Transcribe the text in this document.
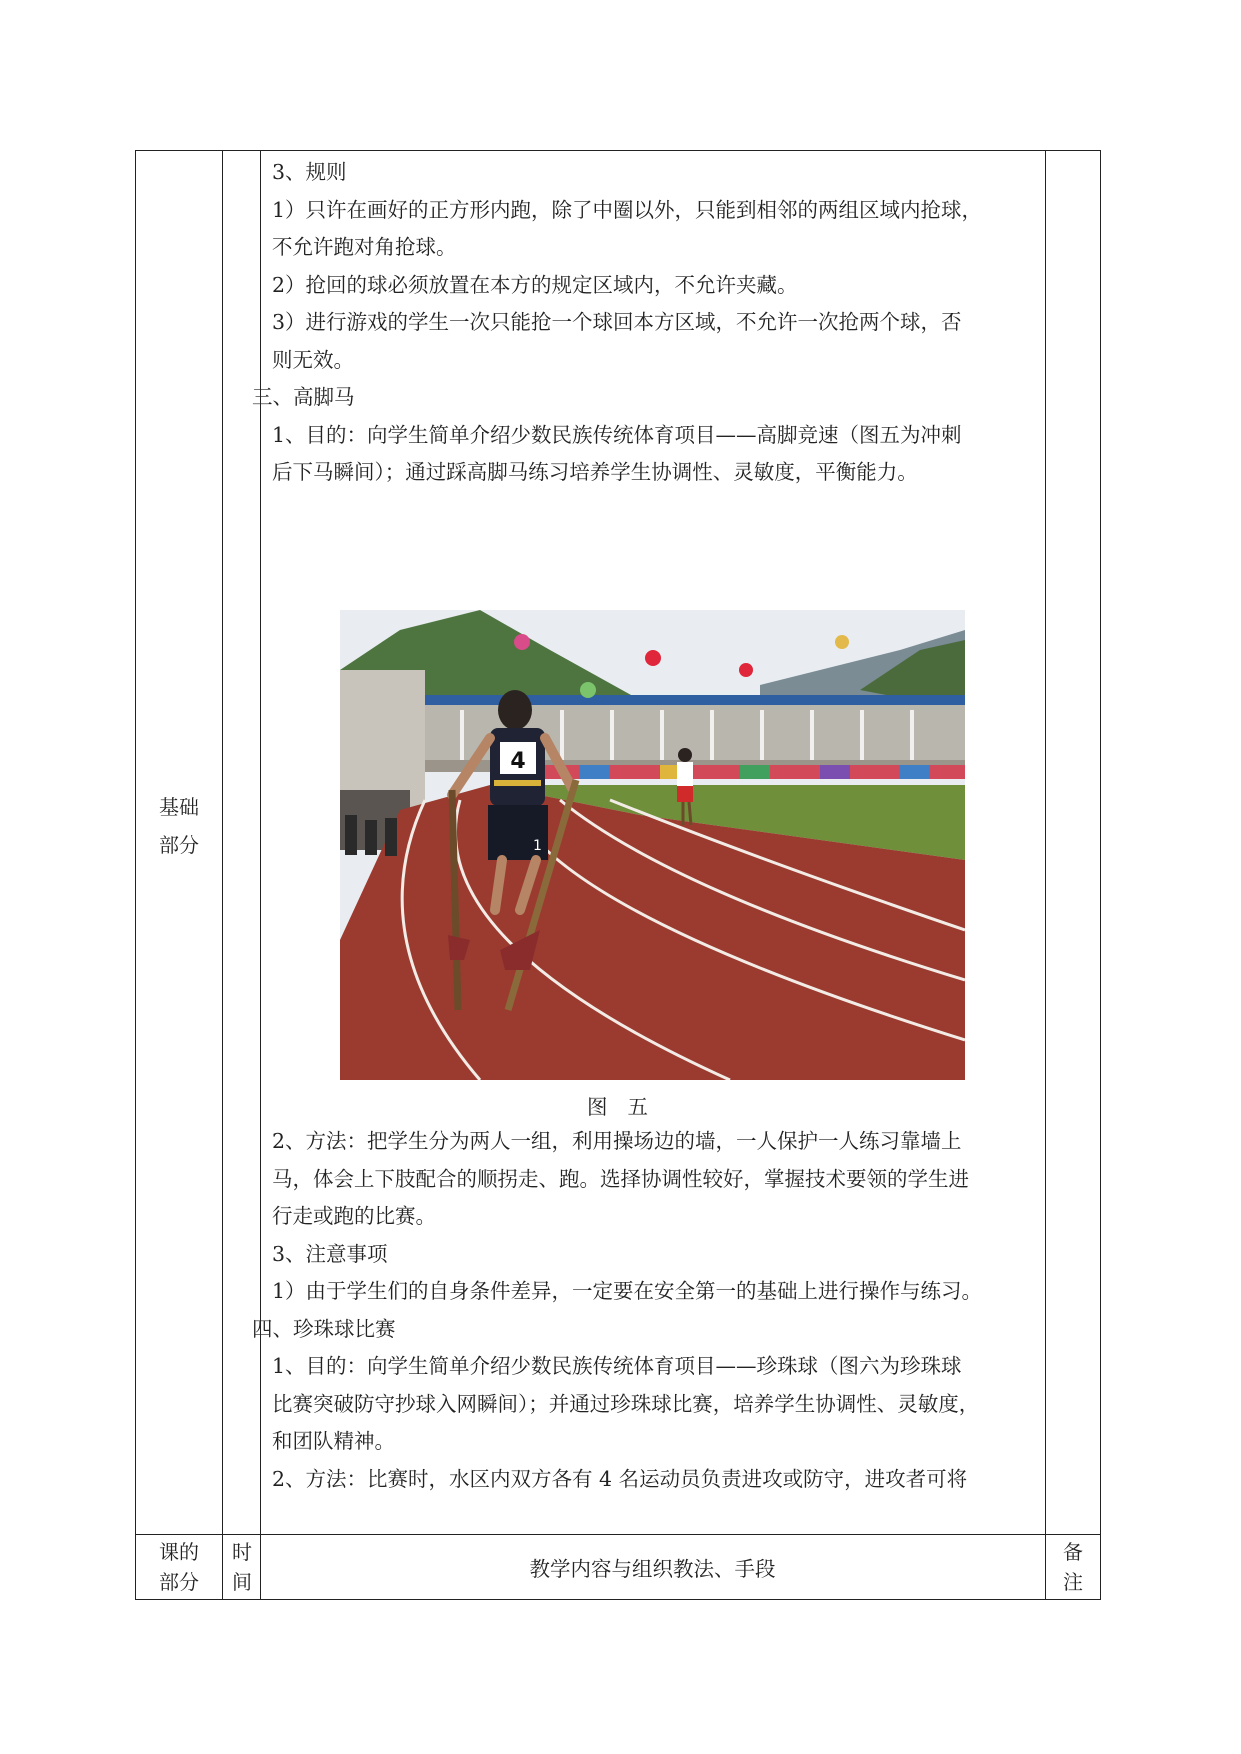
基础
部分

3、规则

1）只许在画好的正方形内跑，除了中圈以外，只能到相邻的两组区域内抢球，

不允许跑对角抢球。

2）抢回的球必须放置在本方的规定区域内，不允许夹藏。

3）进行游戏的学生一次只能抢一个球回本方区域，不允许一次抢两个球，否

则无效。

三、高脚马

1、目的：向学生简单介绍少数民族传统体育项目——高脚竞速（图五为冲刺

后下马瞬间）；通过踩高脚马练习培养学生协调性、灵敏度，平衡能力。

4
1
图五

2、方法：把学生分为两人一组，利用操场边的墙，一人保护一人练习靠墙上

马，体会上下肢配合的顺拐走、跑。选择协调性较好，掌握技术要领的学生进

行走或跑的比赛。

3、注意事项

1）由于学生们的自身条件差异，一定要在安全第一的基础上进行操作与练习。

四、珍珠球比赛

1、目的：向学生简单介绍少数民族传统体育项目——珍珠球（图六为珍珠球

比赛突破防守抄球入网瞬间）；并通过珍珠球比赛，培养学生协调性、灵敏度，

和团队精神。

2、方法：比赛时，水区内双方各有 4 名运动员负责进攻或防守，进攻者可将

课的
部分
时
间
教学内容与组织教法、手段
备
注
